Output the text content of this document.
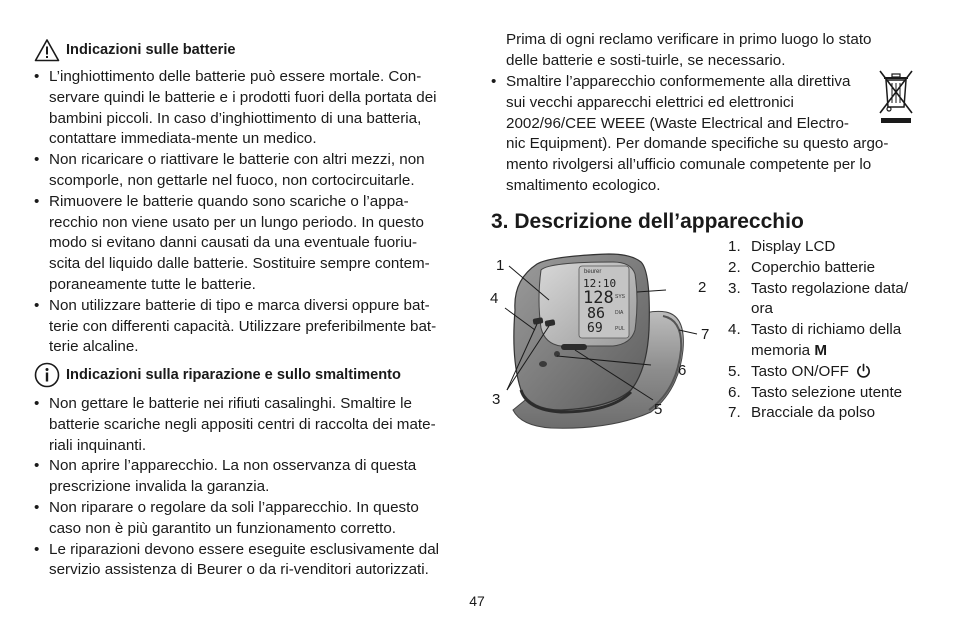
Indicazioni sulle batterie
• L’inghiottimento delle batterie può essere mortale. Con-
servare quindi le batterie e i prodotti fuori della portata dei
bambini piccoli. In caso d’inghiottimento di una batteria,
contattare immediata-mente un medico.
• Non ricaricare o riattivare le batterie con altri mezzi, non
scomporle, non gettarle nel fuoco, non cortocircuitarle.
• Rimuovere le batterie quando sono scariche o l’appa-
recchio non viene usato per un lungo periodo. In questo
modo si evitano danni causati da una eventuale fuoriu-
scita del liquido dalle batterie. Sostituire sempre contem-
poraneamente tutte le batterie.
• Non utilizzare batterie di tipo e marca diversi oppure bat-
terie con differenti capacità. Utilizzare preferibilmente bat-
terie alcaline.
Indicazioni sulla riparazione e sullo smaltimento
• Non gettare le batterie nei rifiuti casalinghi. Smaltire le
batterie scariche negli appositi centri di raccolta dei mate-
riali inquinanti.
• Non aprire l’apparecchio. La non osservanza di questa
prescrizione invalida la garanzia.
• Non riparare o regolare da soli l’apparecchio. In questo
caso non è più garantito un funzionamento corretto.
• Le riparazioni devono essere eseguite esclusivamente dal
servizio assistenza di Beurer o da ri-venditori autorizzati.
Prima di ogni reclamo verificare in primo luogo lo stato
delle batterie e sosti-tuirle, se necessario.
• Smaltire l’apparecchio conformemente alla direttiva
sui vecchi apparecchi elettrici ed elettronici
2002/96/CEE WEEE (Waste Electrical and Electro-
nic Equipment). Per domande specifiche su questo argo-
mento rivolgersi all’ufficio comunale competente per lo
smaltimento ecologico.
3. Descrizione dell’apparecchio
beurer
12:10
128 SYS
86 DIA
69 PUL
1
2
3
4
5
6
7
1. Display LCD
2. Coperchio batterie
3. Tasto regolazione data/
ora
4. Tasto di richiamo della
memoria M
5. Tasto ON/OFF
6. Tasto selezione utente
7. Bracciale da polso
47
